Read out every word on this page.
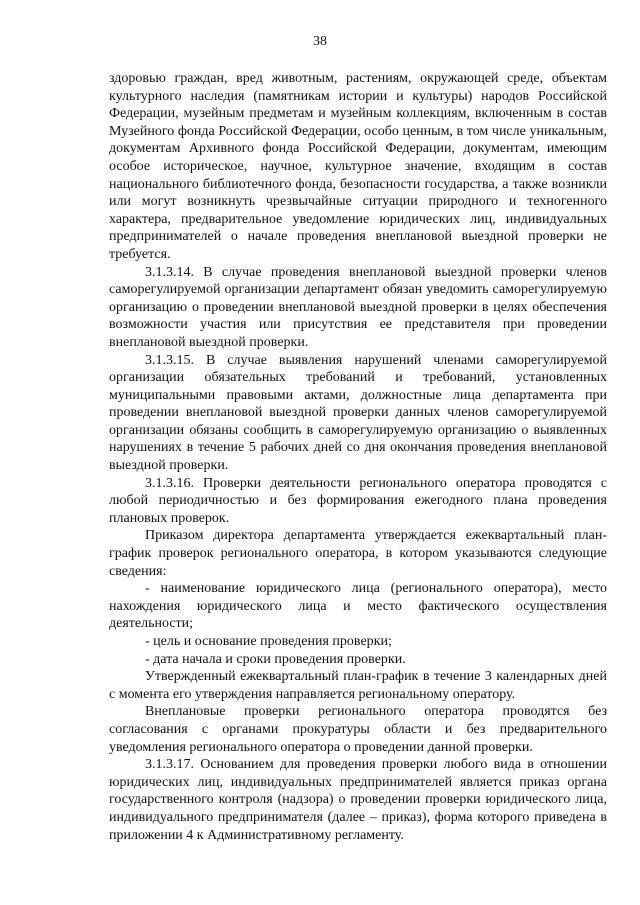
38

здоровью граждан, вред животным, растениям, окружающей среде, объектам культурного наследия (памятникам истории и культуры) народов Российской Федерации, музейным предметам и музейным коллекциям, включенным в состав Музейного фонда Российской Федерации, особо ценным, в том числе уникальным, документам Архивного фонда Российской Федерации, документам, имеющим особое историческое, научное, культурное значение, входящим в состав национального библиотечного фонда, безопасности государства, а также возникли или могут возникнуть чрезвычайные ситуации природного и техногенного характера, предварительное уведомление юридических лиц, индивидуальных предпринимателей о начале проведения внеплановой выездной проверки не требуется.

3.1.3.14. В случае проведения внеплановой выездной проверки членов саморегулируемой организации департамент обязан уведомить саморегулируемую организацию о проведении внеплановой выездной проверки в целях обеспечения возможности участия или присутствия ее представителя при проведении внеплановой выездной проверки.

3.1.3.15. В случае выявления нарушений членами саморегулируемой организации обязательных требований и требований, установленных муниципальными правовыми актами, должностные лица департамента при проведении внеплановой выездной проверки данных членов саморегулируемой организации обязаны сообщить в саморегулируемую организацию о выявленных нарушениях в течение 5 рабочих дней со дня окончания проведения внеплановой выездной проверки.

3.1.3.16. Проверки деятельности регионального оператора проводятся с любой периодичностью и без формирования ежегодного плана проведения плановых проверок.

Приказом директора департамента утверждается ежеквартальный план-график проверок регионального оператора, в котором указываются следующие сведения:

- наименование юридического лица (регионального оператора), место нахождения юридического лица и место фактического осуществления деятельности;

- цель и основание проведения проверки;

- дата начала и сроки проведения проверки.

Утвержденный ежеквартальный план-график в течение 3 календарных дней с момента его утверждения направляется региональному оператору.

Внеплановые проверки регионального оператора проводятся без согласования с органами прокуратуры области и без предварительного уведомления регионального оператора о проведении данной проверки.

3.1.3.17. Основанием для проведения проверки любого вида в отношении юридических лиц, индивидуальных предпринимателей является приказ органа государственного контроля (надзора) о проведении проверки юридического лица, индивидуального предпринимателя (далее – приказ), форма которого приведена в приложении 4 к Административному регламенту.
